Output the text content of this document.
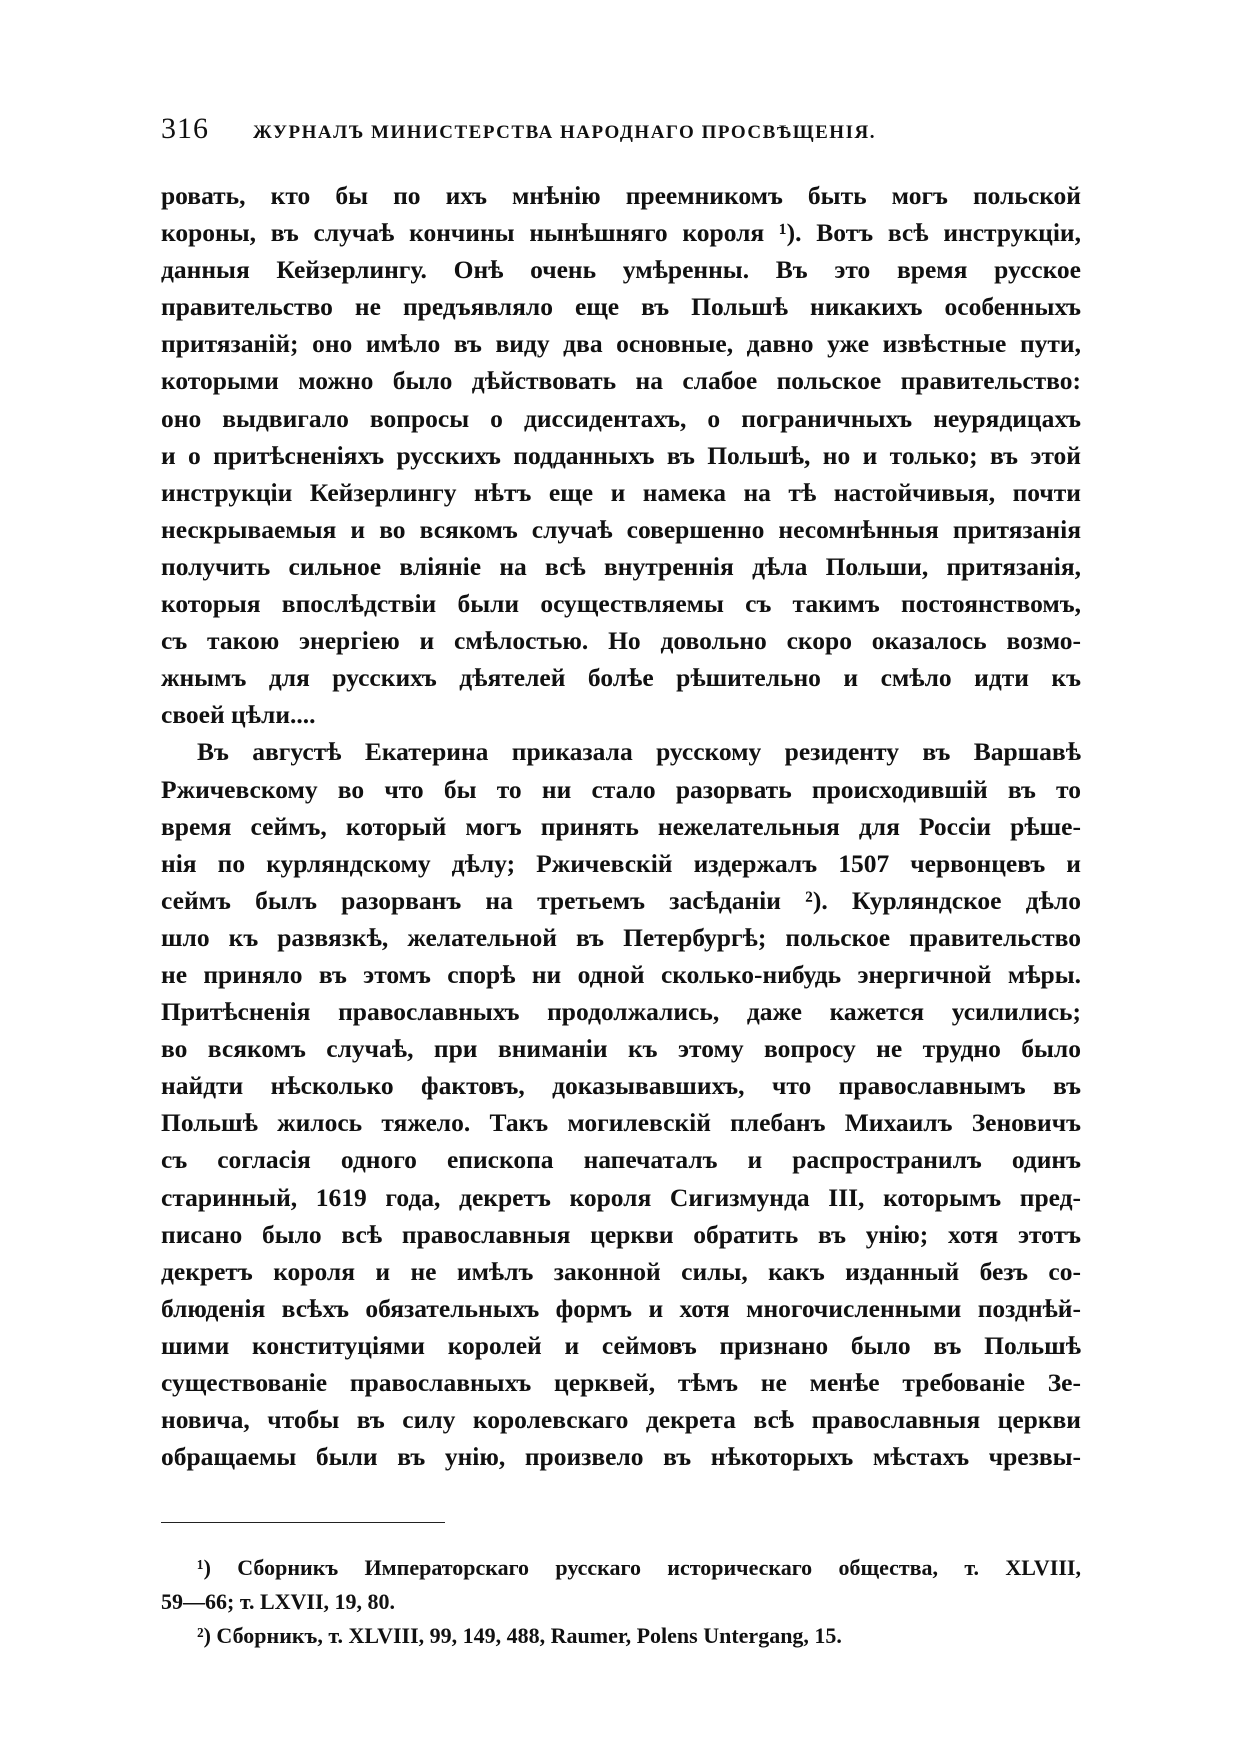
316 ЖУРНАЛЪ МИНИСТЕРСТВА НАРОДНАГО ПРОСВѢЩЕНІЯ.
ровать, кто бы по ихъ мнѣнію преемникомъ быть могъ польской
короны, въ случаѣ кончины нынѣшняго короля ¹). Вотъ всѣ инструкціи,
данныя Кейзерлингу. Онѣ очень умѣренны. Въ это время русское
правительство не предъявляло еще въ Польшѣ никакихъ особенныхъ
притязаній; оно имѣло въ виду два основные, давно уже извѣстные пути,
которыми можно было дѣйствовать на слабое польское правительство:
оно выдвигало вопросы о диссидентахъ, о пограничныхъ неурядицахъ
и о притѣсненіяхъ русскихъ подданныхъ въ Польшѣ, но и только; въ этой
инструкціи Кейзерлингу нѣтъ еще и намека на тѣ настойчивыя, почти
нескрываемыя и во всякомъ случаѣ совершенно несомнѣнныя притязанія
получить сильное вліяніе на всѣ внутреннія дѣла Польши, притязанія,
которыя впослѣдствіи были осуществляемы съ такимъ постоянствомъ,
съ такою энергіею и смѣлостью. Но довольно скоро оказалось возмо-
жнымъ для русскихъ дѣятелей болѣе рѣшительно и смѣло идти къ
своей цѣли....
Въ августѣ Екатерина приказала русскому резиденту въ Варшавѣ
Ржичевскому во что бы то ни стало разорвать происходившій въ то
время сеймъ, который могъ принять нежелательныя для Россіи рѣше-
нія по курляндскому дѣлу; Ржичевскій издержалъ 1507 червонцевъ и
сеймъ былъ разорванъ на третьемъ засѣданіи ²). Курляндское дѣло
шло къ развязкѣ, желательной въ Петербургѣ; польское правительство
не приняло въ этомъ спорѣ ни одной сколько-нибудь энергичной мѣры.
Притѣсненія православныхъ продолжались, даже кажется усилились;
во всякомъ случаѣ, при вниманіи къ этому вопросу не трудно было
найдти нѣсколько фактовъ, доказывавшихъ, что православнымъ въ
Польшѣ жилось тяжело. Такъ могилевскій плебанъ Михаилъ Зеновичъ
съ согласія одного епископа напечаталъ и распространилъ одинъ
старинный, 1619 года, декретъ короля Сигизмунда III, которымъ пред-
писано было всѣ православныя церкви обратить въ унію; хотя этотъ
декретъ короля и не имѣлъ законной силы, какъ изданный безъ со-
блюденія всѣхъ обязательныхъ формъ и хотя многочисленными позднѣй-
шими конституціями королей и сеймовъ признано было въ Польшѣ
существованіе православныхъ церквей, тѣмъ не менѣе требованіе Зе-
новича, чтобы въ силу королевскаго декрета всѣ православныя церкви
обращаемы были въ унію, произвело въ нѣкоторыхъ мѣстахъ чрезвы-
¹) Сборникъ Императорскаго русскаго историческаго общества, т. XLVIII,
59—66; т. LXVII, 19, 80.
²) Сборникъ, т. XLVIII, 99, 149, 488, Raumer, Polens Untergang, 15.
